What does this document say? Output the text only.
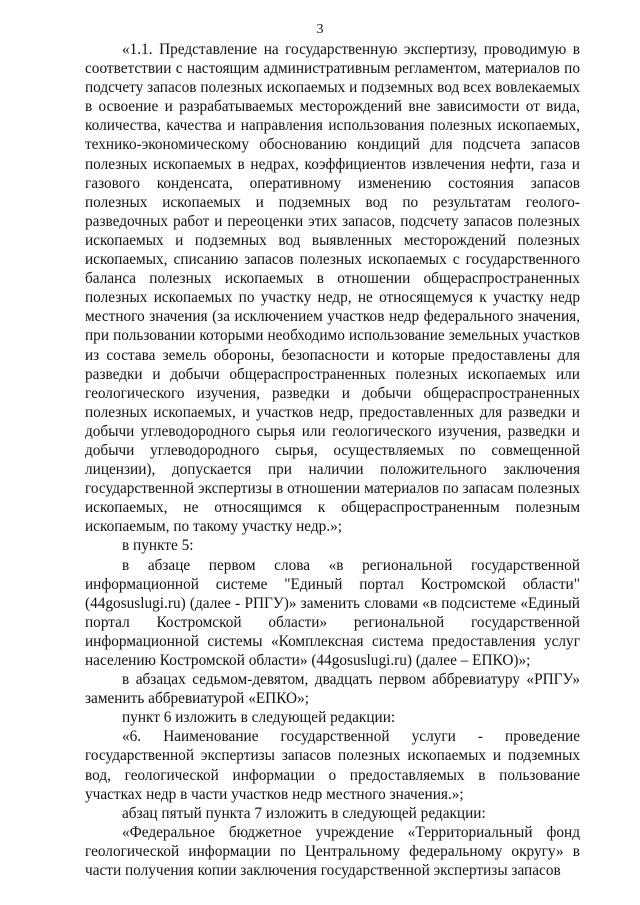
3

«1.1. Представление на государственную экспертизу, проводимую в соответствии с настоящим административным регламентом, материалов по подсчету запасов полезных ископаемых и подземных вод всех вовлекаемых в освоение и разрабатываемых месторождений вне зависимости от вида, количества, качества и направления использования полезных ископаемых, технико-экономическому обоснованию кондиций для подсчета запасов полезных ископаемых в недрах, коэффициентов извлечения нефти, газа и газового конденсата, оперативному изменению состояния запасов полезных ископаемых и подземных вод по результатам геолого-разведочных работ и переоценки этих запасов, подсчету запасов полезных ископаемых и подземных вод выявленных месторождений полезных ископаемых, списанию запасов полезных ископаемых с государственного баланса полезных ископаемых в отношении общераспространенных полезных ископаемых по участку недр, не относящемуся к участку недр местного значения (за исключением участков недр федерального значения, при пользовании которыми необходимо использование земельных участков из состава земель обороны, безопасности и которые предоставлены для разведки и добычи общераспространенных полезных ископаемых или геологического изучения, разведки и добычи общераспространенных полезных ископаемых, и участков недр, предоставленных для разведки и добычи углеводородного сырья или геологического изучения, разведки и добычи углеводородного сырья, осуществляемых по совмещенной лицензии), допускается при наличии положительного заключения государственной экспертизы в отношении материалов по запасам полезных ископаемых, не относящимся к общераспространенным полезным ископаемым, по такому участку недр.»;

в пункте 5:

в абзаце первом слова «в региональной государственной информационной системе "Единый портал Костромской области" (44gosuslugi.ru) (далее - РПГУ)» заменить словами «в подсистеме «Единый портал Костромской области» региональной государственной информационной системы «Комплексная система предоставления услуг населению Костромской области» (44gosuslugi.ru) (далее – ЕПКО)»;

в абзацах седьмом-девятом, двадцать первом аббревиатуру «РПГУ» заменить аббревиатурой «ЕПКО»;

пункт 6 изложить в следующей редакции:

«6. Наименование государственной услуги - проведение государственной экспертизы запасов полезных ископаемых и подземных вод, геологической информации о предоставляемых в пользование участках недр в части участков недр местного значения.»;

абзац пятый пункта 7 изложить в следующей редакции:

«Федеральное бюджетное учреждение «Территориальный фонд геологической информации по Центральному федеральному округу» в части получения копии заключения государственной экспертизы запасов
